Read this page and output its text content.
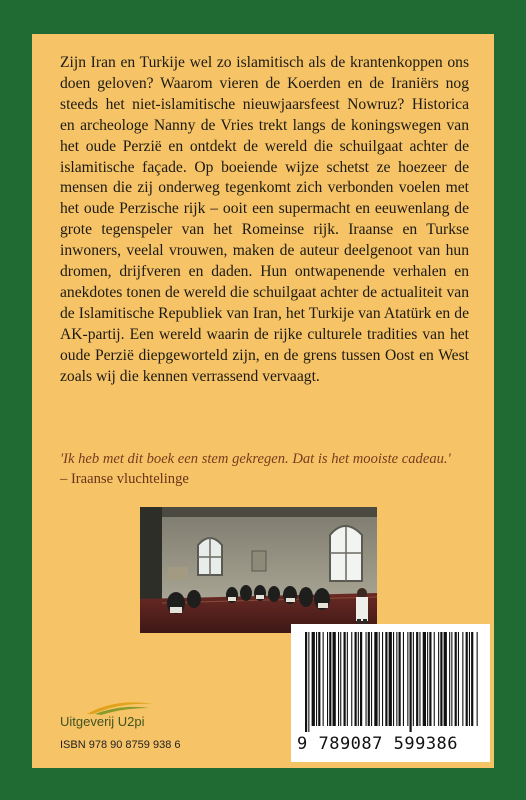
Zijn Iran en Turkije wel zo islamitisch als de krantenkoppen ons doen geloven? Waarom vieren de Koerden en de Iraniërs nog steeds het niet-islamitische nieuwjaarsfeest Nowruz? Historica en archeologe Nanny de Vries trekt langs de koningswegen van het oude Perzië en ontdekt de wereld die schuilgaat achter de islamitische façade. Op boeiende wijze schetst ze hoezeer de mensen die zij onderweg tegenkomt zich verbonden voelen met het oude Perzische rijk – ooit een supermacht en eeuwenlang de grote tegenspeler van het Romeinse rijk. Iraanse en Turkse inwoners, veelal vrouwen, maken de auteur deelgenoot van hun dromen, drijfveren en daden. Hun ontwapenende verhalen en anekdotes tonen de wereld die schuilgaat achter de actualiteit van de Islamitische Republiek van Iran, het Turkije van Atatürk en de AK-partij. Een wereld waarin de rijke culturele tradities van het oude Perzië diepgeworteld zijn, en de grens tussen Oost en West zoals wij die kennen verrassend vervaagt.

'Ik heb met dit boek een stem gekregen. Dat is het mooiste cadeau.'
– Iraanse vluchtelinge

Uitgeverij U2pi
ISBN 978 90 8759 938 6	9 789087 599386
